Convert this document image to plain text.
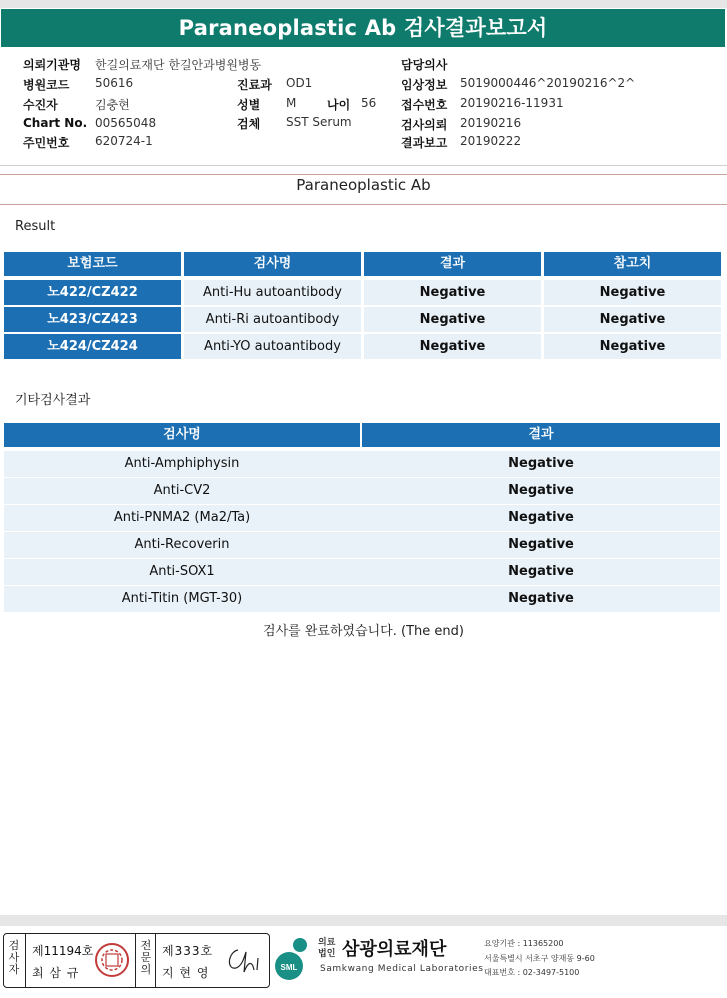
Paraneoplastic Ab 검사결과보고서
의뢰기관명 한길의료재단 한길안과병원병동	담당의사
병원코드 50616	진료과 OD1	임상정보 5019000446^20190216^2^
수진자	김충현	성별 M	나이 56 접수번호 20190216-11931
Chart No. 00565048	검체 SST Serum	검사의뢰 20190216
주민번호 620724-1	결과보고 20190222
Paraneoplastic Ab
Result
보험코드	검사명	결과	참고치
노422/CZ422	Anti-Hu autoantibody	Negative	Negative
노423/CZ423	Anti-Ri autoantibody	Negative	Negative
노424/CZ424	Anti-YO autoantibody	Negative	Negative
기타검사결과
검사명	결과
Anti-Amphiphysin	Negative
Anti-CV2	Negative
Anti-PNMA2 (Ma2/Ta)	Negative
Anti-Recoverin	Negative
Anti-SOX1	Negative
Anti-Titin (MGT-30)	Negative
검사를 완료하였습니다. (The end)
검
사
자
제11194호
최 삼 규
전
문
의
제333호
지 현 영	SML
의료
법인 삼광의료재단
Samkwang Medical Laboratories
요양기관 : 11365200
서울특별시 서초구 양재동 9-60
대표번호 : 02-3497-5100
